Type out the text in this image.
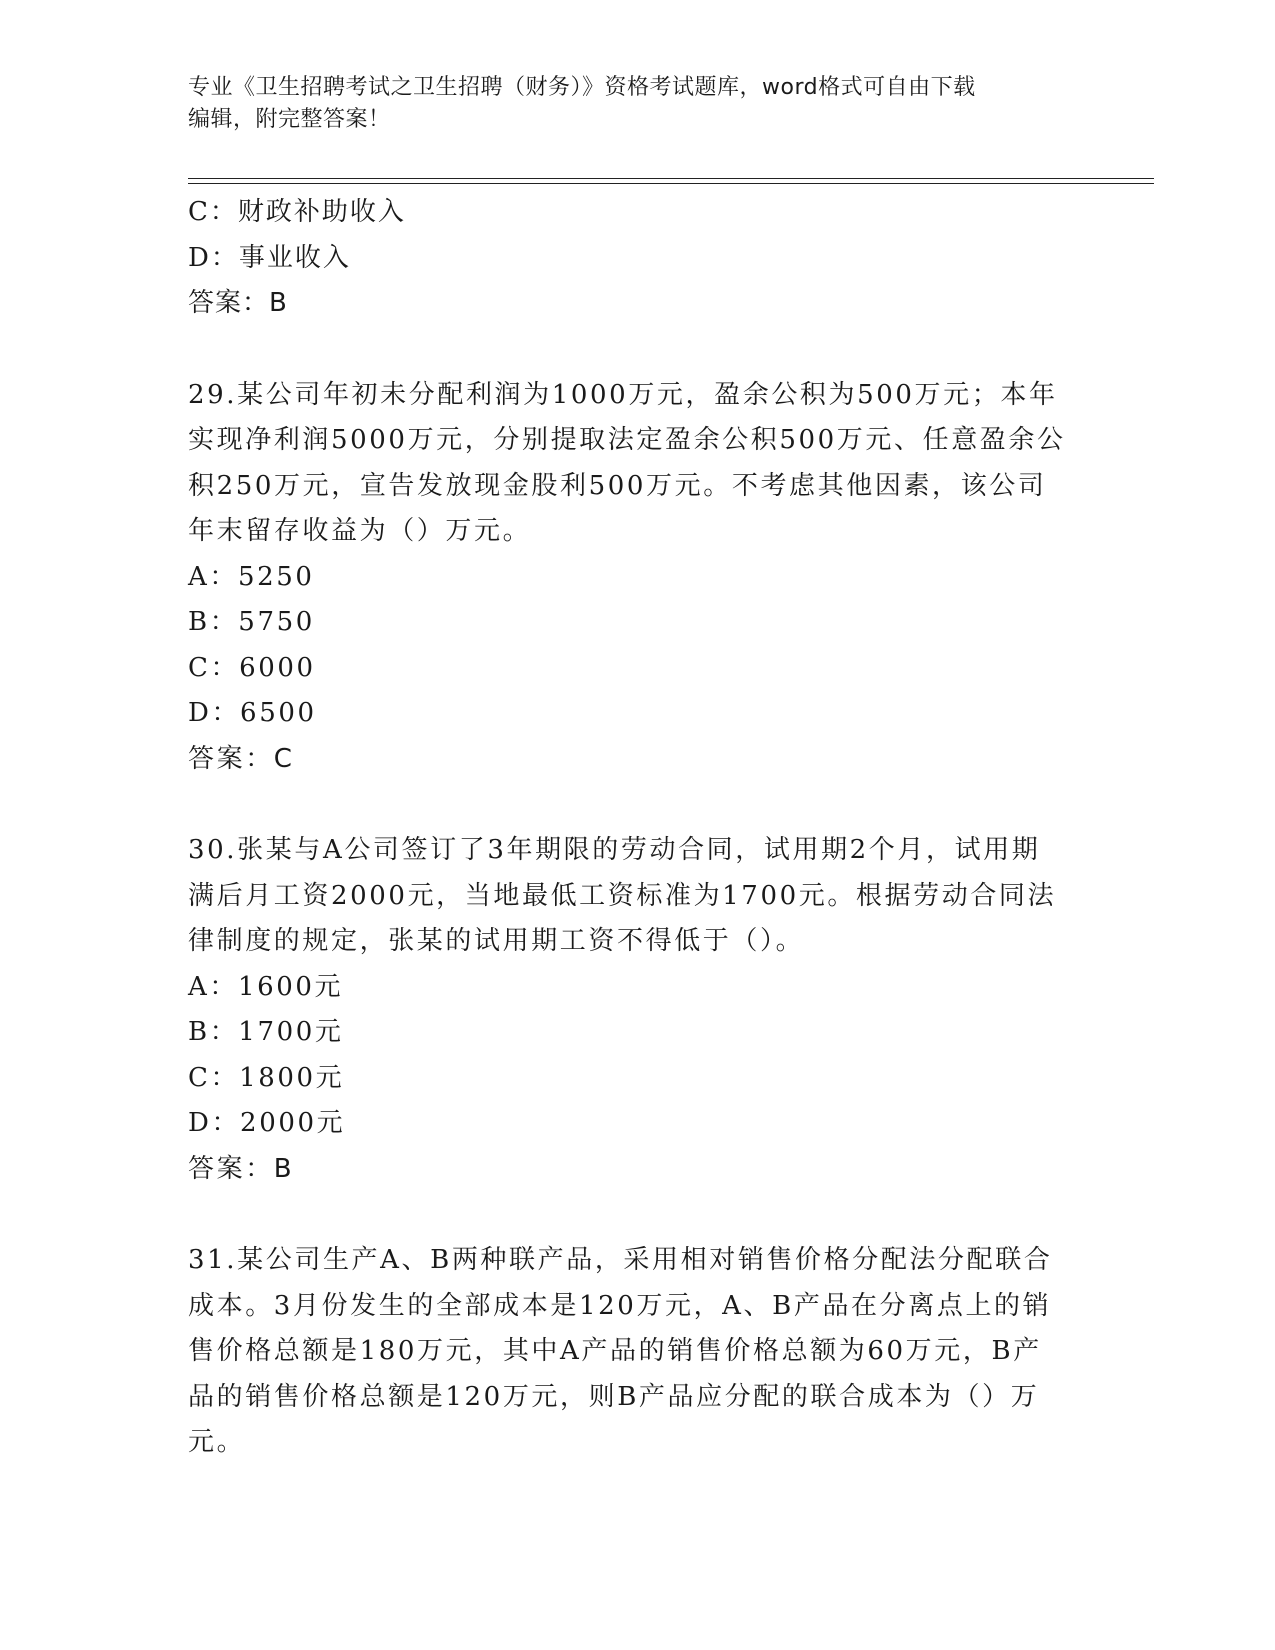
专业《卫生招聘考试之卫生招聘（财务）》资格考试题库，word格式可自由下载
编辑，附完整答案！
C：财政补助收入
D：事业收入
答案：B
29.某公司年初未分配利润为1000万元，盈余公积为500万元；本年
实现净利润5000万元，分别提取法定盈余公积500万元、任意盈余公
积250万元，宣告发放现金股利500万元。不考虑其他因素，该公司
年末留存收益为（）万元。
A：5250
B：5750
C：6000
D：6500
答案：C
30.张某与A公司签订了3年期限的劳动合同，试用期2个月，试用期
满后月工资2000元，当地最低工资标准为1700元。根据劳动合同法
律制度的规定，张某的试用期工资不得低于（）。
A：1600元
B：1700元
C：1800元
D：2000元
答案：B
31.某公司生产A、B两种联产品，采用相对销售价格分配法分配联合
成本。3月份发生的全部成本是120万元，A、B产品在分离点上的销
售价格总额是180万元，其中A产品的销售价格总额为60万元，B产
品的销售价格总额是120万元，则B产品应分配的联合成本为（）万
元。
